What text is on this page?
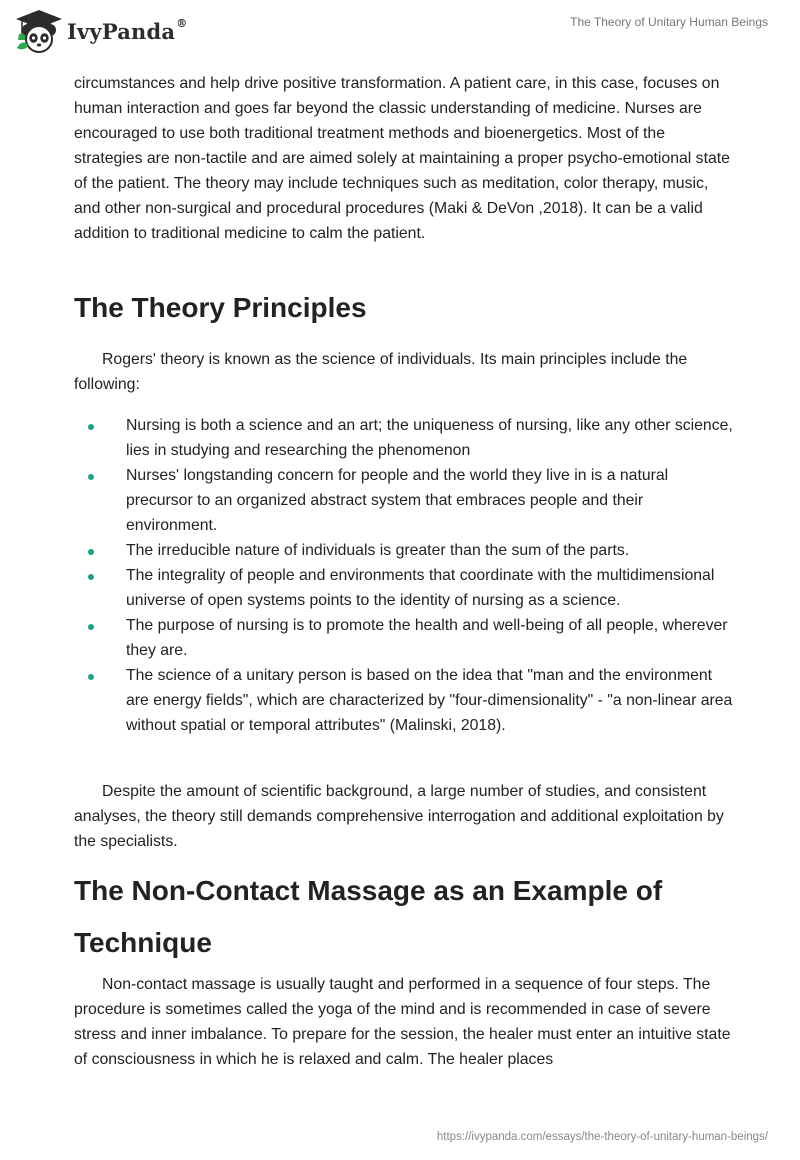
IvyPanda®	The Theory of Unitary Human Beings

circumstances and help drive positive transformation. A patient care, in this case, focuses on human interaction and goes far beyond the classic understanding of medicine. Nurses are encouraged to use both traditional treatment methods and bioenergetics. Most of the strategies are non-tactile and are aimed solely at maintaining a proper psycho-emotional state of the patient. The theory may include techniques such as meditation, color therapy, music, and other non-surgical and procedural procedures (Maki & DeVon ,2018). It can be a valid addition to traditional medicine to calm the patient.

The Theory Principles

Rogers' theory is known as the science of individuals. Its main principles include the following:

Nursing is both a science and an art; the uniqueness of nursing, like any other science, lies in studying and researching the phenomenon
Nurses' longstanding concern for people and the world they live in is a natural precursor to an organized abstract system that embraces people and their environment.
The irreducible nature of individuals is greater than the sum of the parts.
The integrality of people and environments that coordinate with the multidimensional universe of open systems points to the identity of nursing as a science.
The purpose of nursing is to promote the health and well-being of all people, wherever they are.
The science of a unitary person is based on the idea that "man and the environment are energy fields", which are characterized by "four-dimensionality" - "a non-linear area without spatial or temporal attributes" (Malinski, 2018).

Despite the amount of scientific background, a large number of studies, and consistent analyses, the theory still demands comprehensive interrogation and additional exploitation by the specialists.

The Non-Contact Massage as an Example of Technique

Non-contact massage is usually taught and performed in a sequence of four steps. The procedure is sometimes called the yoga of the mind and is recommended in case of severe stress and inner imbalance. To prepare for the session, the healer must enter an intuitive state of consciousness in which he is relaxed and calm. The healer places

https://ivypanda.com/essays/the-theory-of-unitary-human-beings/
